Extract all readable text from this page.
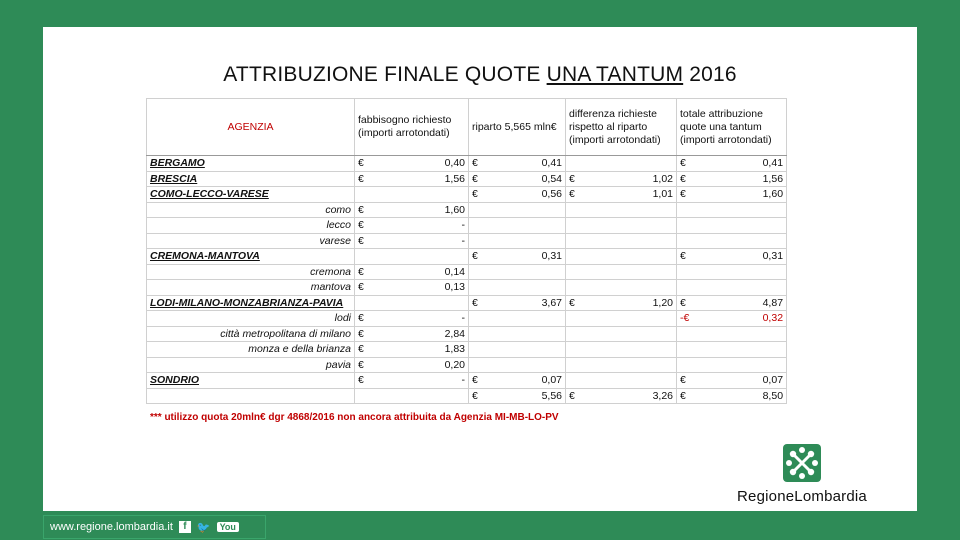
ATTRIBUZIONE FINALE QUOTE UNA TANTUM 2016
AGENZIA	fabbisogno richiesto (importi arrotondati)		riparto 5,565 mln€		differenza richieste rispetto al riparto (importi arrotondati)		totale attribuzione quote una tantum (importi arrotondati)	
BERGAMO	€	0,40	€	0,41			€	0,41
BRESCIA	€	1,56	€	0,54	€	1,02	€	1,56
COMO-LECCO-VARESE			€	0,56	€	1,01	€	1,60
como	€	1,60						
lecco	€	-						
varese	€	-						
CREMONA-MANTOVA			€	0,31			€	0,31
cremona	€	0,14						
mantova	€	0,13						
LODI-MILANO-MONZABRIANZA-PAVIA			€	3,67	€	1,20	€	4,87
lodi	€	-					-€	0,32
città metropolitana di milano	€	2,84						
monza e della brianza	€	1,83						
pavia	€	0,20						
SONDRIO	€	-	€	0,07			€	0,07
			€	5,56	€	3,26	€	8,50
*** utilizzo quota 20mln€ dgr 4868/2016 non ancora attribuita da Agenzia MI-MB-LO-PV
RegioneLombardia
www.regione.lombardia.it	f 🐦	You
